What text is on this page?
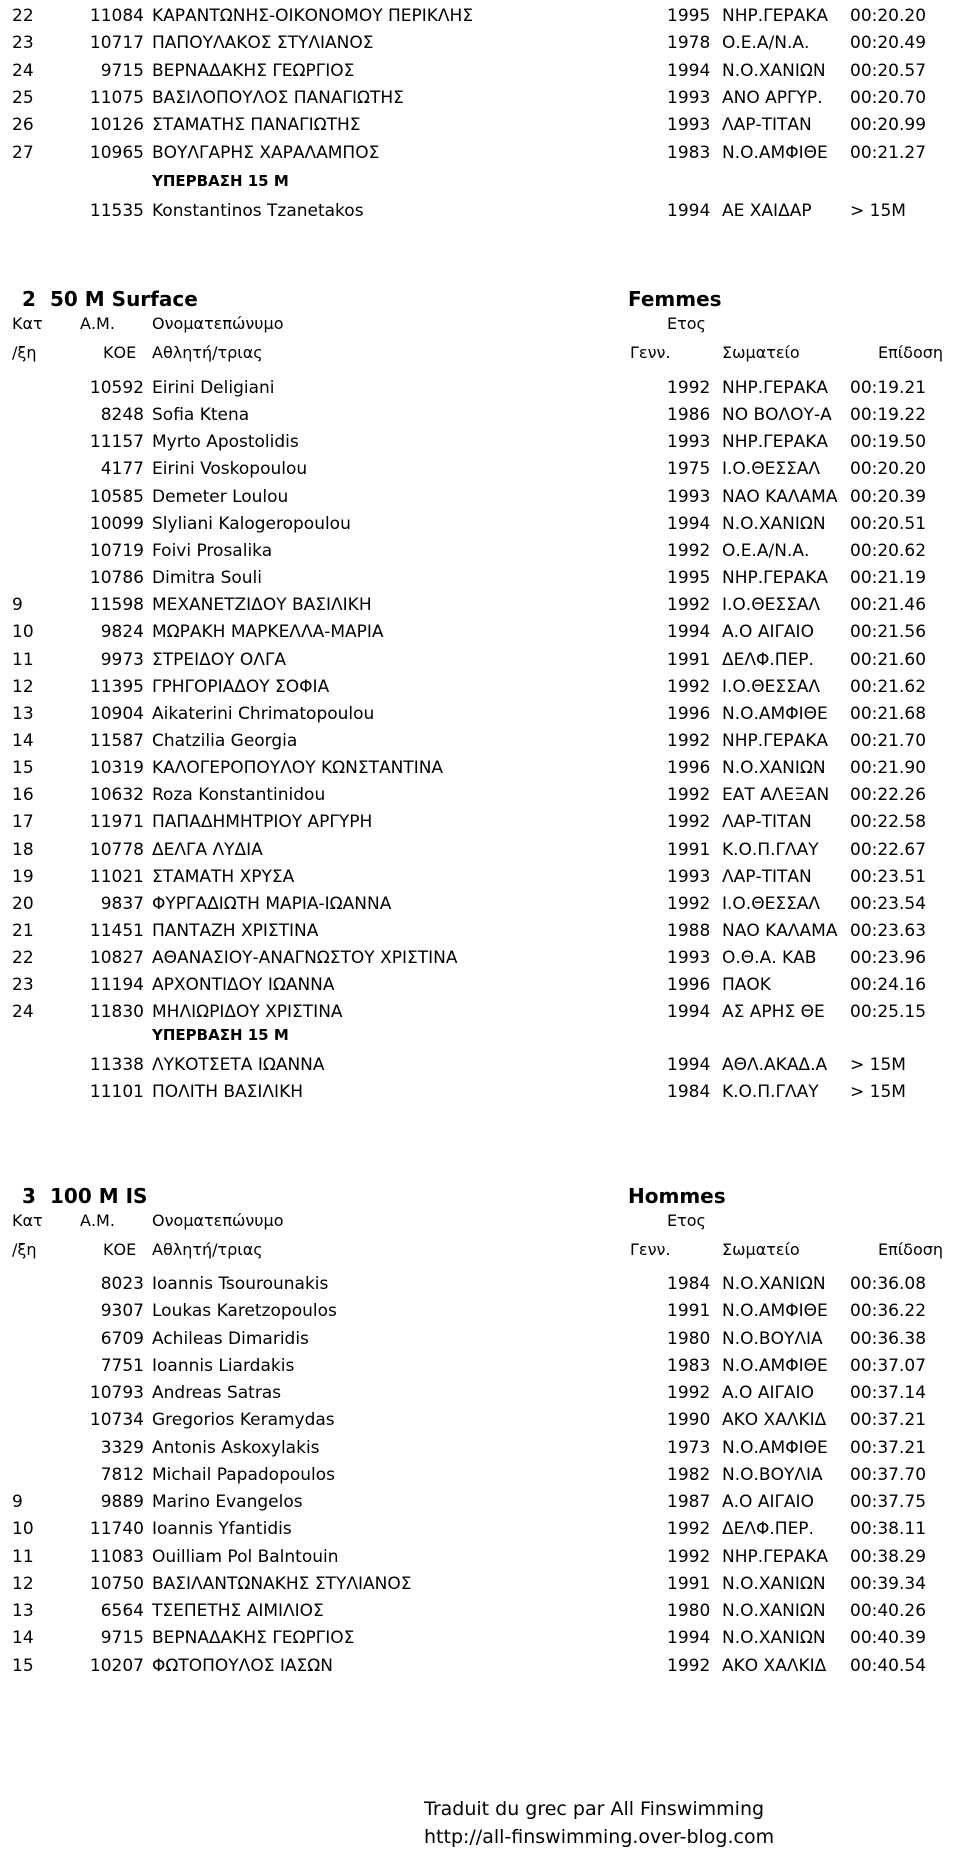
22	11084 ΚΑΡΑΝΤΩΝΗΣ-ΟΙΚΟΝΟΜΟΥ ΠΕΡΙΚΛΗΣ	1995 ΝΗΡ.ΓΕΡΑΚΑ 00:20.20
23	10717 ΠΑΠΟΥΛΑΚΟΣ ΣΤΥΛΙΑΝΟΣ	1978 Ο.Ε.Α/Ν.Α. 00:20.49
24	9715 ΒΕΡΝΑΔΑΚΗΣ ΓΕΩΡΓΙΟΣ	1994 Ν.Ο.ΧΑΝΙΩΝ 00:20.57
25	11075 ΒΑΣΙΛΟΠΟΥΛΟΣ ΠΑΝΑΓΙΩΤΗΣ	1993 ΑΝΟ ΑΡΓΥΡ. 00:20.70
26	10126 ΣΤΑΜΑΤΗΣ ΠΑΝΑΓΙΩΤΗΣ	1993 ΛΑΡ-ΤΙΤΑΝ 00:20.99
27	10965 ΒΟΥΛΓΑΡΗΣ ΧΑΡΑΛΑΜΠΟΣ	1983 Ν.Ο.ΑΜΦΙΘΕ 00:21.27
ΥΠΕΡΒΑΣΗ 15 Μ
11535 Konstantinos Tzanetakos	1994 ΑΕ ΧΑΙΔΑΡ > 15M
2 50 M Surface	Femmes
Κατ Α.Μ. Ονοματεπώνυμο	Ετος
/ξη	ΚΟΕ Αθλητή/τριας	Γενν.	Σωματείο	Επίδοση
10592 Eirini Deligiani	1992 ΝΗΡ.ΓΕΡΑΚΑ 00:19.21
8248 Sofia Ktena	1986 ΝΟ ΒΟΛΟΥ-Α 00:19.22
11157 Myrto Apostolidis	1993 ΝΗΡ.ΓΕΡΑΚΑ 00:19.50
4177 Eirini Voskopoulou	1975 Ι.Ο.ΘΕΣΣΑΛ 00:20.20
10585 Demeter Loulou	1993 ΝΑΟ ΚΑΛΑΜΑ 00:20.39
10099 Slyliani Kalogeropoulou	1994 Ν.Ο.ΧΑΝΙΩΝ 00:20.51
10719 Foivi Prosalika	1992 Ο.Ε.Α/Ν.Α. 00:20.62
10786 Dimitra Souli	1995 ΝΗΡ.ΓΕΡΑΚΑ 00:21.19
9	11598 ΜΕΧΑΝΕΤΖΙΔΟΥ ΒΑΣΙΛΙΚΗ	1992 Ι.Ο.ΘΕΣΣΑΛ 00:21.46
10	9824 ΜΩΡΑΚΗ ΜΑΡΚΕΛΛΑ-ΜΑΡΙΑ	1994 Α.Ο ΑΙΓΑΙΟ 00:21.56
11	9973 ΣΤΡΕΙΔΟΥ ΟΛΓΑ	1991 ΔΕΛΦ.ΠΕΡ. 00:21.60
12	11395 ΓΡΗΓΟΡΙΑΔΟΥ ΣΟΦΙΑ	1992 Ι.Ο.ΘΕΣΣΑΛ 00:21.62
13	10904 Aikaterini Chrimatopoulou	1996 Ν.Ο.ΑΜΦΙΘΕ 00:21.68
14	11587 Chatzilia Georgia	1992 ΝΗΡ.ΓΕΡΑΚΑ 00:21.70
15	10319 ΚΑΛΟΓΕΡΟΠΟΥΛΟΥ ΚΩΝΣΤΑΝΤΙΝΑ	1996 Ν.Ο.ΧΑΝΙΩΝ 00:21.90
16	10632 Roza Konstantinidou	1992 ΕΑΤ ΑΛΕΞΑΝ 00:22.26
17	11971 ΠΑΠΑΔΗΜΗΤΡΙΟΥ ΑΡΓΥΡΗ	1992 ΛΑΡ-ΤΙΤΑΝ 00:22.58
18	10778 ΔΕΛΓΑ ΛΥΔΙΑ	1991 Κ.Ο.Π.ΓΛΑΥ 00:22.67
19	11021 ΣΤΑΜΑΤΗ ΧΡΥΣΑ	1993 ΛΑΡ-ΤΙΤΑΝ 00:23.51
20	9837 ΦΥΡΓΑΔΙΩΤΗ ΜΑΡΙΑ-ΙΩΑΝΝΑ	1992 Ι.Ο.ΘΕΣΣΑΛ 00:23.54
21	11451 ΠΑΝΤΑΖΗ ΧΡΙΣΤΙΝΑ	1988 ΝΑΟ ΚΑΛΑΜΑ 00:23.63
22	10827 ΑΘΑΝΑΣΙΟΥ-ΑΝΑΓΝΩΣΤΟΥ ΧΡΙΣΤΙΝΑ	1993 Ο.Θ.Α. ΚΑΒ 00:23.96
23	11194 ΑΡΧΟΝΤΙΔΟΥ ΙΩΑΝΝΑ	1996 ΠΑΟΚ	00:24.16
24	11830 ΜΗΛΙΩΡΙΔΟΥ ΧΡΙΣΤΙΝΑ	1994 ΑΣ ΑΡΗΣ ΘΕ 00:25.15
ΥΠΕΡΒΑΣΗ 15 Μ
11338 ΛΥΚΟΤΣΕΤΑ ΙΩΑΝΝΑ	1994 ΑΘΛ.ΑΚΑΔ.Α > 15M
11101 ΠΟΛΙΤΗ ΒΑΣΙΛΙΚΗ	1984 Κ.Ο.Π.ΓΛΑΥ > 15M
3 100 M IS	Hommes
Κατ Α.Μ. Ονοματεπώνυμο	Ετος
/ξη	ΚΟΕ Αθλητή/τριας	Γενν.	Σωματείο	Επίδοση
8023 Ioannis Tsourounakis	1984 Ν.Ο.ΧΑΝΙΩΝ 00:36.08
9307 Loukas Karetzopoulos	1991 Ν.Ο.ΑΜΦΙΘΕ 00:36.22
6709 Achileas Dimaridis	1980 Ν.Ο.ΒΟΥΛΙΑ 00:36.38
7751 Ioannis Liardakis	1983 Ν.Ο.ΑΜΦΙΘΕ 00:37.07
10793 Andreas Satras	1992 Α.Ο ΑΙΓΑΙΟ 00:37.14
10734 Gregorios Keramydas	1990 ΑΚΟ ΧΑΛΚΙΔ 00:37.21
3329 Antonis Askoxylakis	1973 Ν.Ο.ΑΜΦΙΘΕ 00:37.21
7812 Michail Papadopoulos	1982 Ν.Ο.ΒΟΥΛΙΑ 00:37.70
9	9889 Marino Evangelos	1987 Α.Ο ΑΙΓΑΙΟ 00:37.75
10	11740 Ioannis Yfantidis	1992 ΔΕΛΦ.ΠΕΡ. 00:38.11
11	11083 Ouilliam Pol Balntouin	1992 ΝΗΡ.ΓΕΡΑΚΑ 00:38.29
12	10750 ΒΑΣΙΛΑΝΤΩΝΑΚΗΣ ΣΤΥΛΙΑΝΟΣ	1991 Ν.Ο.ΧΑΝΙΩΝ 00:39.34
13	6564 ΤΣΕΠΕΤΗΣ ΑΙΜΙΛΙΟΣ	1980 Ν.Ο.ΧΑΝΙΩΝ 00:40.26
14	9715 ΒΕΡΝΑΔΑΚΗΣ ΓΕΩΡΓΙΟΣ	1994 Ν.Ο.ΧΑΝΙΩΝ 00:40.39
15	10207 ΦΩΤΟΠΟΥΛΟΣ ΙΑΣΩΝ	1992 ΑΚΟ ΧΑΛΚΙΔ 00:40.54
Traduit du grec par All Finswimming
http://all-finswimming.over-blog.com
